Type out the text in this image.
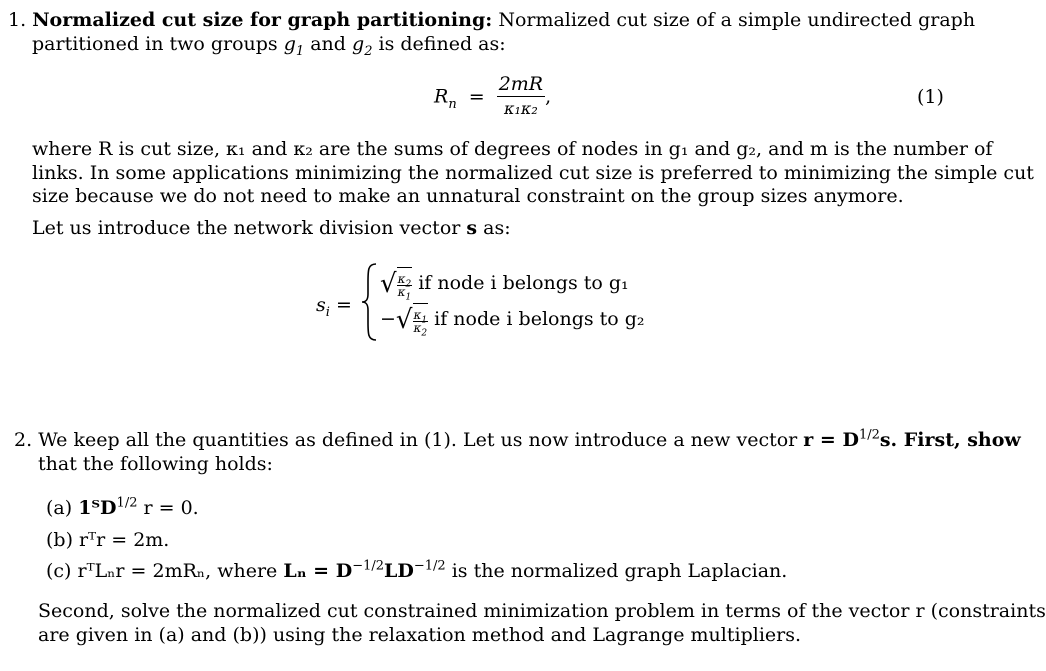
1. Normalized cut size for graph partitioning: Normalized cut size of a simple undirected graph
partitioned in two groups $g_1$ and $g_2$ is defined as:
$R_n = \frac{2mR}{\text{κ₁κ₂}}$ ,	(1)
where R is cut size, κ₁ and κ₂ are the sums of degrees of nodes in g₁ and g₂, and m is the number of
links. In some applications minimizing the normalized cut size is preferred to minimizing the simple cut
size because we do not need to make an unnatural constraint on the group sizes anymore.
Let us introduce the network division vector s as:
$s_i$ =
√ $\frac{\kappa_2}{\kappa_1}$ if node i belongs to g₁
−√ $\frac{\kappa_1}{\kappa_2}$ if node i belongs to g₂
2. We keep all the quantities as defined in (1). Let us now introduce a new vector $r = D^{1/2}s$. First, show
that the following holds:
(a) 1ᵀD$^{1/2}$ r = 0.
(b) rᵀr = 2m.
(c) rᵀLₙr = 2mRₙ, where $L_n = D^{-1/2}LD^{-1/2}$ is the normalized graph Laplacian.
Second, solve the normalized cut constrained minimization problem in terms of the vector r (constraints
are given in (a) and (b)) using the relaxation method and Lagrange multipliers.
